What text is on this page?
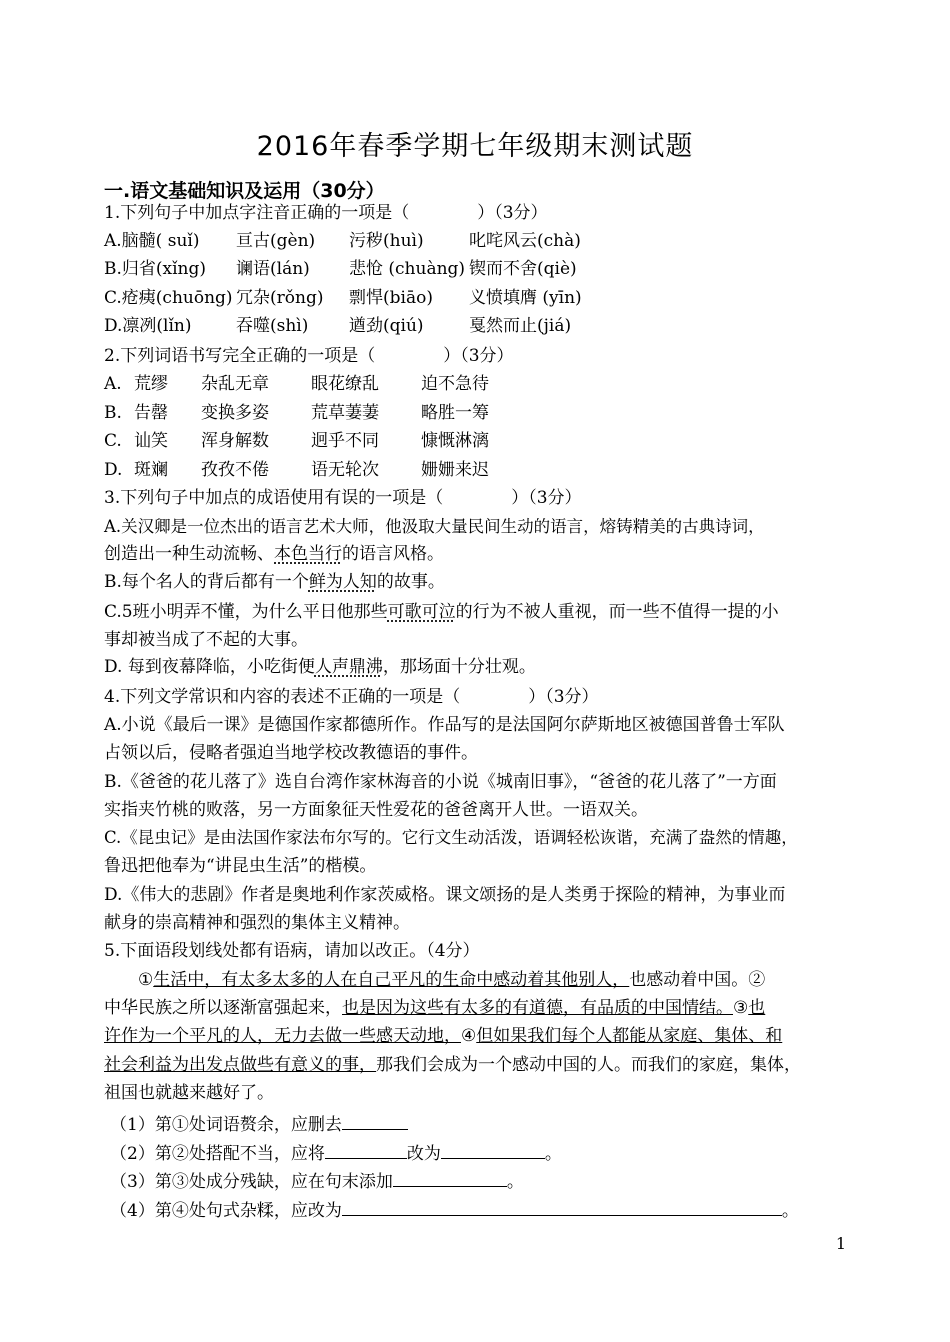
2016年春季学期七年级期末测试题
一.语文基础知识及运用（30分）
1.下列句子中加点字注音正确的一项是（　　　　）（3分）
A.脑髓( suǐ) 亘古(gèn) 污秽(huì)	叱咤风云(chà)
B.归省(xǐng) 谰语(lán) 悲怆 (chuàng) 锲而不舍(qiè)
C.疮痍(chuōng) 冗杂(rǒng) 剽悍(biāo) 义愤填膺 (yīn)
D.凛冽(lǐn)	吞噬(shì) 遒劲(qiú)	戛然而止(jiá)
2.下列词语书写完全正确的一项是（　　　　）（3分）
A. 荒缪 杂乱无章 眼花缭乱 迫不急待
B. 告罄 变换多姿 荒草萋萋 略胜一筹
C. 讪笑 浑身解数 迥乎不同 慷慨淋漓
D. 斑斓 孜孜不倦 语无轮次 姗姗来迟
3.下列句子中加点的成语使用有误的一项是（　　　　）（3分）
A.关汉卿是一位杰出的语言艺术大师，他汲取大量民间生动的语言，熔铸精美的古典诗词，
创造出一种生动流畅、本色当行的语言风格。
B.每个名人的背后都有一个鲜为人知的故事。
C.5班小明弄不懂，为什么平日他那些可歌可泣的行为不被人重视，而一些不值得一提的小
事却被当成了不起的大事。
D. 每到夜幕降临，小吃街便人声鼎沸，那场面十分壮观。
4.下列文学常识和内容的表述不正确的一项是（　　　　）（3分）
A.小说《最后一课》是德国作家都德所作。作品写的是法国阿尔萨斯地区被德国普鲁士军队
占领以后，侵略者强迫当地学校改教德语的事件。
B.《爸爸的花儿落了》选自台湾作家林海音的小说《城南旧事》，“爸爸的花儿落了”一方面
实指夹竹桃的败落，另一方面象征天性爱花的爸爸离开人世。一语双关。
C.《昆虫记》是由法国作家法布尔写的。它行文生动活泼，语调轻松诙谐，充满了盎然的情趣，
鲁迅把他奉为“讲昆虫生活”的楷模。
D.《伟大的悲剧》作者是奥地利作家茨威格。课文颂扬的是人类勇于探险的精神，为事业而
献身的崇高精神和强烈的集体主义精神。
5.下面语段划线处都有语病，请加以改正。（4分）
①生活中，有太多太多的人在自己平凡的生命中感动着其他别人，也感动着中国。②
中华民族之所以逐渐富强起来，也是因为这些有太多的有道德，有品质的中国情结。③也
许作为一个平凡的人，无力去做一些感天动地，④但如果我们每个人都能从家庭、集体、和
社会利益为出发点做些有意义的事，那我们会成为一个感动中国的人。而我们的家庭，集体，
祖国也就越来越好了。
（1）第①处词语赘余，应删去
（2）第②处搭配不当，应将	改为	。
（3）第③处成分残缺，应在句末添加	。
（4）第④处句式杂糅，应改为	。
1
